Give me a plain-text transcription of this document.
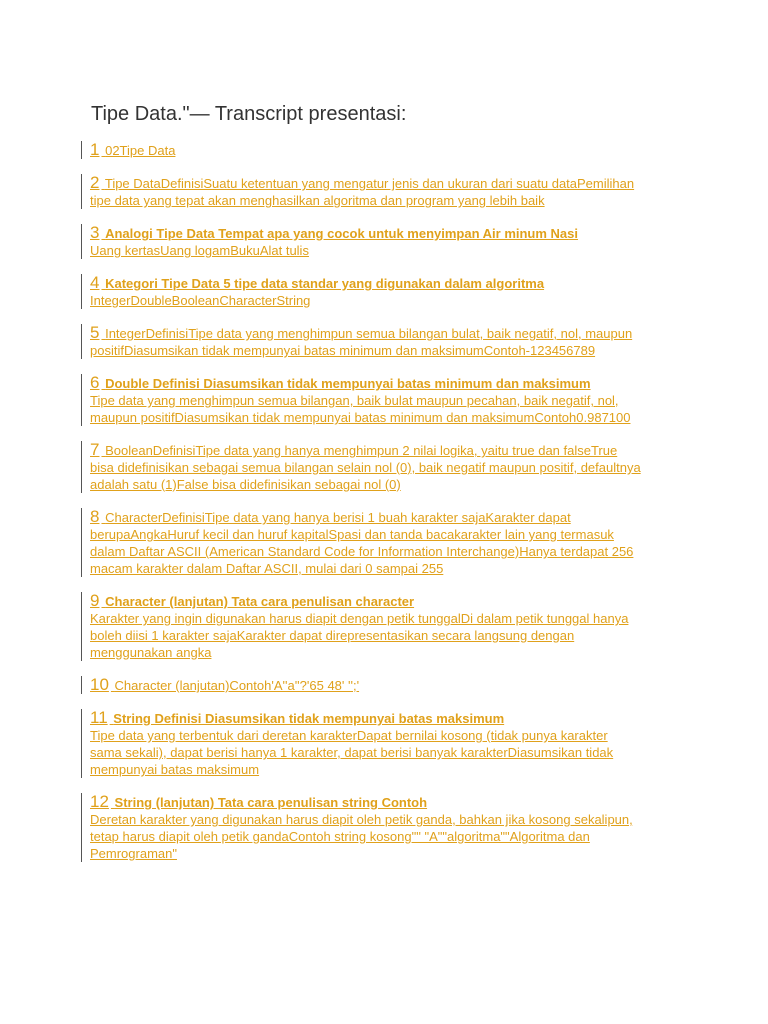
Tipe Data."— Transcript presentasi:
1 02Tipe Data
2 Tipe DataDefinisiSuatu ketentuan yang mengatur jenis dan ukuran dari suatu dataPemilihan
tipe data yang tepat akan menghasilkan algoritma dan program yang lebih baik
3 Analogi Tipe Data Tempat apa yang cocok untuk menyimpan Air minum Nasi
Uang kertasUang logamBukuAlat tulis
4 Kategori Tipe Data 5 tipe data standar yang digunakan dalam algoritma
IntegerDoubleBooleanCharacterString
5 IntegerDefinisiTipe data yang menghimpun semua bilangan bulat, baik negatif, nol, maupun
positifDiasumsikan tidak mempunyai batas minimum dan maksimumContoh-123456789
6 Double Definisi Diasumsikan tidak mempunyai batas minimum dan maksimum
Tipe data yang menghimpun semua bilangan, baik bulat maupun pecahan, baik negatif, nol,
maupun positifDiasumsikan tidak mempunyai batas minimum dan maksimumContoh0.987100
7 BooleanDefinisiTipe data yang hanya menghimpun 2 nilai logika, yaitu true dan falseTrue
bisa didefinisikan sebagai semua bilangan selain nol (0), baik negatif maupun positif, defaultnya
adalah satu (1)False bisa didefinisikan sebagai nol (0)
8 CharacterDefinisiTipe data yang hanya berisi 1 buah karakter sajaKarakter dapat
berupaAngkaHuruf kecil dan huruf kapitalSpasi dan tanda bacakarakter lain yang termasuk
dalam Daftar ASCII (American Standard Code for Information Interchange)Hanya terdapat 256
macam karakter dalam Daftar ASCII, mulai dari 0 sampai 255
9 Character (lanjutan) Tata cara penulisan character
Karakter yang ingin digunakan harus diapit dengan petik tunggalDi dalam petik tunggal hanya
boleh diisi 1 karakter sajaKarakter dapat direpresentasikan secara langsung dengan
menggunakan angka
10 Character (lanjutan)Contoh'A''a''?'65 48' '';'
11 String Definisi Diasumsikan tidak mempunyai batas maksimum
Tipe data yang terbentuk dari deretan karakterDapat bernilai kosong (tidak punya karakter
sama sekali), dapat berisi hanya 1 karakter, dapat berisi banyak karakterDiasumsikan tidak
mempunyai batas maksimum
12 String (lanjutan) Tata cara penulisan string Contoh
Deretan karakter yang digunakan harus diapit oleh petik ganda, bahkan jika kosong sekalipun,
tetap harus diapit oleh petik gandaContoh string kosong"" "A""algoritma""Algoritma dan
Pemrograman"
